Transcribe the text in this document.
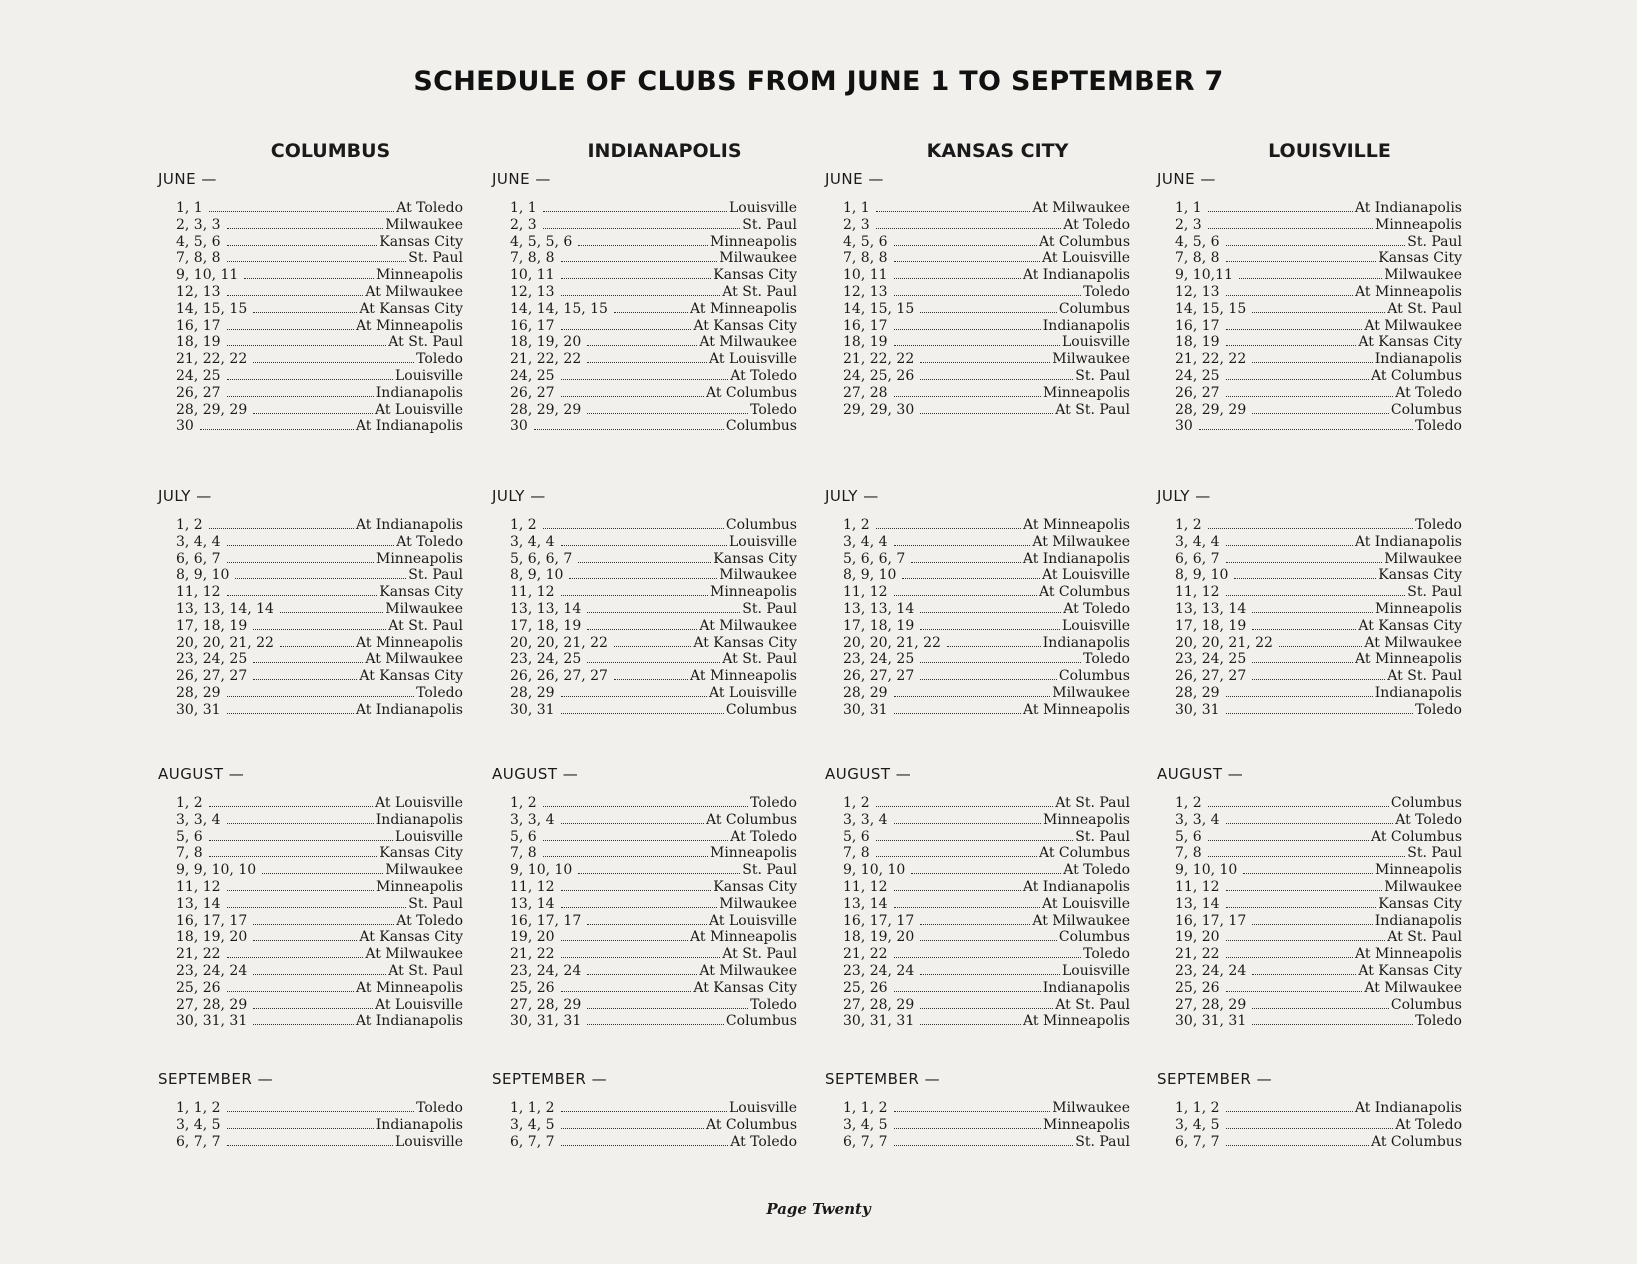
SCHEDULE OF CLUBS FROM JUNE 1 TO SEPTEMBER 7
COLUMBUS
JUNE —
1, 1	At Toledo
2, 3, 3	Milwaukee
4, 5, 6	Kansas City
7, 8, 8	St. Paul
9, 10, 11	Minneapolis
12, 13	At Milwaukee
14, 15, 15	At Kansas City
16, 17	At Minneapolis
18, 19	At St. Paul
21, 22, 22	Toledo
24, 25	Louisville
26, 27	Indianapolis
28, 29, 29	At Louisville
30	At Indianapolis
JULY —
1, 2	At Indianapolis
3, 4, 4	At Toledo
6, 6, 7	Minneapolis
8, 9, 10	St. Paul
11, 12	Kansas City
13, 13, 14, 14	Milwaukee
17, 18, 19	At St. Paul
20, 20, 21, 22	At Minneapolis
23, 24, 25	At Milwaukee
26, 27, 27	At Kansas City
28, 29	Toledo
30, 31	At Indianapolis
AUGUST —
1, 2	At Louisville
3, 3, 4	Indianapolis
5, 6	Louisville
7, 8	Kansas City
9, 9, 10, 10	Milwaukee
11, 12	Minneapolis
13, 14	St. Paul
16, 17, 17	At Toledo
18, 19, 20	At Kansas City
21, 22	At Milwaukee
23, 24, 24	At St. Paul
25, 26	At Minneapolis
27, 28, 29	At Louisville
30, 31, 31	At Indianapolis
SEPTEMBER —
1, 1, 2	Toledo
3, 4, 5	Indianapolis
6, 7, 7	Louisville
INDIANAPOLIS
JUNE —
1, 1	Louisville
2, 3	St. Paul
4, 5, 5, 6	Minneapolis
7, 8, 8	Milwaukee
10, 11	Kansas City
12, 13	At St. Paul
14, 14, 15, 15	At Minneapolis
16, 17	At Kansas City
18, 19, 20	At Milwaukee
21, 22, 22	At Louisville
24, 25	At Toledo
26, 27	At Columbus
28, 29, 29	Toledo
30	Columbus
JULY —
1, 2	Columbus
3, 4, 4	Louisville
5, 6, 6, 7	Kansas City
8, 9, 10	Milwaukee
11, 12	Minneapolis
13, 13, 14	St. Paul
17, 18, 19	At Milwaukee
20, 20, 21, 22	At Kansas City
23, 24, 25	At St. Paul
26, 26, 27, 27	At Minneapolis
28, 29	At Louisville
30, 31	Columbus
AUGUST —
1, 2	Toledo
3, 3, 4	At Columbus
5, 6	At Toledo
7, 8	Minneapolis
9, 10, 10	St. Paul
11, 12	Kansas City
13, 14	Milwaukee
16, 17, 17	At Louisville
19, 20	At Minneapolis
21, 22	At St. Paul
23, 24, 24	At Milwaukee
25, 26	At Kansas City
27, 28, 29	Toledo
30, 31, 31	Columbus
SEPTEMBER —
1, 1, 2	Louisville
3, 4, 5	At Columbus
6, 7, 7	At Toledo
KANSAS CITY
JUNE —
1, 1	At Milwaukee
2, 3	At Toledo
4, 5, 6	At Columbus
7, 8, 8	At Louisville
10, 11	At Indianapolis
12, 13	Toledo
14, 15, 15	Columbus
16, 17	Indianapolis
18, 19	Louisville
21, 22, 22	Milwaukee
24, 25, 26	St. Paul
27, 28	Minneapolis
29, 29, 30	At St. Paul
JULY —
1, 2	At Minneapolis
3, 4, 4	At Milwaukee
5, 6, 6, 7	At Indianapolis
8, 9, 10	At Louisville
11, 12	At Columbus
13, 13, 14	At Toledo
17, 18, 19	Louisville
20, 20, 21, 22	Indianapolis
23, 24, 25	Toledo
26, 27, 27	Columbus
28, 29	Milwaukee
30, 31	At Minneapolis
AUGUST —
1, 2	At St. Paul
3, 3, 4	Minneapolis
5, 6	St. Paul
7, 8	At Columbus
9, 10, 10	At Toledo
11, 12	At Indianapolis
13, 14	At Louisville
16, 17, 17	At Milwaukee
18, 19, 20	Columbus
21, 22	Toledo
23, 24, 24	Louisville
25, 26	Indianapolis
27, 28, 29	At St. Paul
30, 31, 31	At Minneapolis
SEPTEMBER —
1, 1, 2	Milwaukee
3, 4, 5	Minneapolis
6, 7, 7	St. Paul
LOUISVILLE
JUNE —
1, 1	At Indianapolis
2, 3	Minneapolis
4, 5, 6	St. Paul
7, 8, 8	Kansas City
9, 10,11	Milwaukee
12, 13	At Minneapolis
14, 15, 15	At St. Paul
16, 17	At Milwaukee
18, 19	At Kansas City
21, 22, 22	Indianapolis
24, 25	At Columbus
26, 27	At Toledo
28, 29, 29	Columbus
30	Toledo
JULY —
1, 2	Toledo
3, 4, 4	At Indianapolis
6, 6, 7	Milwaukee
8, 9, 10	Kansas City
11, 12	St. Paul
13, 13, 14	Minneapolis
17, 18, 19	At Kansas City
20, 20, 21, 22	At Milwaukee
23, 24, 25	At Minneapolis
26, 27, 27	At St. Paul
28, 29	Indianapolis
30, 31	Toledo
AUGUST —
1, 2	Columbus
3, 3, 4	At Toledo
5, 6	At Columbus
7, 8	St. Paul
9, 10, 10	Minneapolis
11, 12	Milwaukee
13, 14	Kansas City
16, 17, 17	Indianapolis
19, 20	At St. Paul
21, 22	At Minneapolis
23, 24, 24	At Kansas City
25, 26	At Milwaukee
27, 28, 29	Columbus
30, 31, 31	Toledo
SEPTEMBER —
1, 1, 2	At Indianapolis
3, 4, 5	At Toledo
6, 7, 7	At Columbus
Page Twenty
